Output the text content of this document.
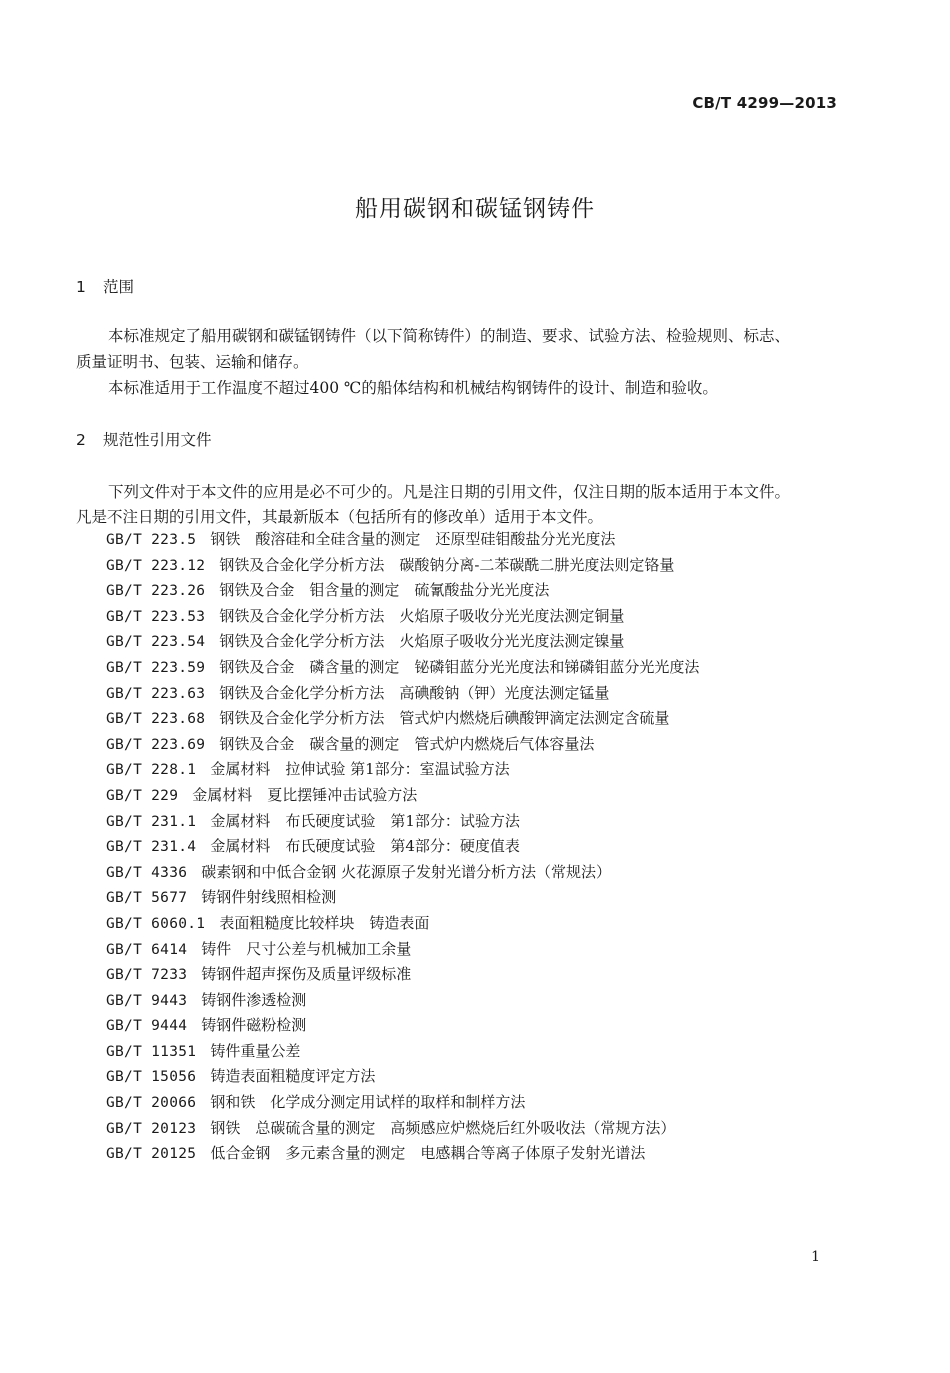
CB/T 4299—2013
船用碳钢和碳锰钢铸件
1 范围
本标准规定了船用碳钢和碳锰钢铸件（以下简称铸件）的制造、要求、试验方法、检验规则、标志、
质量证明书、包装、运输和储存。
本标准适用于工作温度不超过400 ℃的船体结构和机械结构钢铸件的设计、制造和验收。
2 规范性引用文件
下列文件对于本文件的应用是必不可少的。凡是注日期的引用文件，仅注日期的版本适用于本文件。
凡是不注日期的引用文件，其最新版本（包括所有的修改单）适用于本文件。
GB/T 223.5 钢铁　酸溶硅和全硅含量的测定　还原型硅钼酸盐分光光度法
GB/T 223.12 钢铁及合金化学分析方法　碳酸钠分离-二苯碳酰二肼光度法则定铬量
GB/T 223.26 钢铁及合金　钼含量的测定　硫氰酸盐分光光度法
GB/T 223.53 钢铁及合金化学分析方法　火焰原子吸收分光光度法测定铜量
GB/T 223.54 钢铁及合金化学分析方法　火焰原子吸收分光光度法测定镍量
GB/T 223.59 钢铁及合金　磷含量的测定　铋磷钼蓝分光光度法和锑磷钼蓝分光光度法
GB/T 223.63 钢铁及合金化学分析方法　高碘酸钠（钾）光度法测定锰量
GB/T 223.68 钢铁及合金化学分析方法　管式炉内燃烧后碘酸钾滴定法测定含硫量
GB/T 223.69 钢铁及合金　碳含量的测定　管式炉内燃烧后气体容量法
GB/T 228.1 金属材料　拉伸试验 第1部分：室温试验方法
GB/T 229 金属材料　夏比摆锤冲击试验方法
GB/T 231.1 金属材料　布氏硬度试验　第1部分：试验方法
GB/T 231.4 金属材料　布氏硬度试验　第4部分：硬度值表
GB/T 4336 碳素钢和中低合金钢 火花源原子发射光谱分析方法（常规法）
GB/T 5677 铸钢件射线照相检测
GB/T 6060.1 表面粗糙度比较样块　铸造表面
GB/T 6414 铸件　尺寸公差与机械加工余量
GB/T 7233 铸钢件超声探伤及质量评级标准
GB/T 9443 铸钢件渗透检测
GB/T 9444 铸钢件磁粉检测
GB/T 11351 铸件重量公差
GB/T 15056 铸造表面粗糙度评定方法
GB/T 20066 钢和铁　化学成分测定用试样的取样和制样方法
GB/T 20123 钢铁　总碳硫含量的测定　高频感应炉燃烧后红外吸收法（常规方法）
GB/T 20125 低合金钢　多元素含量的测定　电感耦合等离子体原子发射光谱法
1
